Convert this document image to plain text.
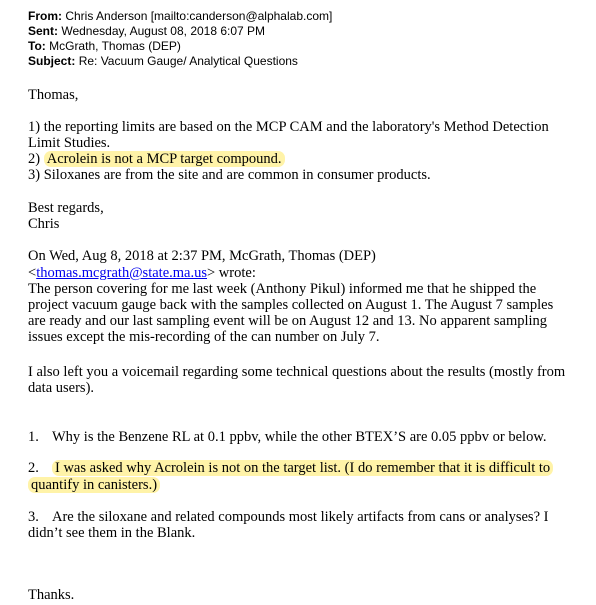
From: Chris Anderson [mailto:canderson@alphalab.com]
Sent: Wednesday, August 08, 2018 6:07 PM
To: McGrath, Thomas (DEP)
Subject: Re: Vacuum Gauge/ Analytical Questions
Thomas,
1) the reporting limits are based on the MCP CAM and the laboratory's Method Detection
Limit Studies.
2) Acrolein is not a MCP target compound.
3) Siloxanes are from the site and are common in consumer products.
Best regards,
Chris
On Wed, Aug 8, 2018 at 2:37 PM, McGrath, Thomas (DEP)
<thomas.mcgrath@state.ma.us> wrote:
The person covering for me last week (Anthony Pikul) informed me that he shipped the
project vacuum gauge back with the samples collected on August 1. The August 7 samples
are ready and our last sampling event will be on August 12 and 13. No apparent sampling
issues except the mis-recording of the can number on July 7.
I also left you a voicemail regarding some technical questions about the results (mostly from
data users).
1. Why is the Benzene RL at 0.1 ppbv, while the other BTEX’S are 0.05 ppbv or below.
2. I was asked why Acrolein is not on the target list. (I do remember that it is difficult to
quantify in canisters.)
3. Are the siloxane and related compounds most likely artifacts from cans or analyses? I
didn’t see them in the Blank.
Thanks.
